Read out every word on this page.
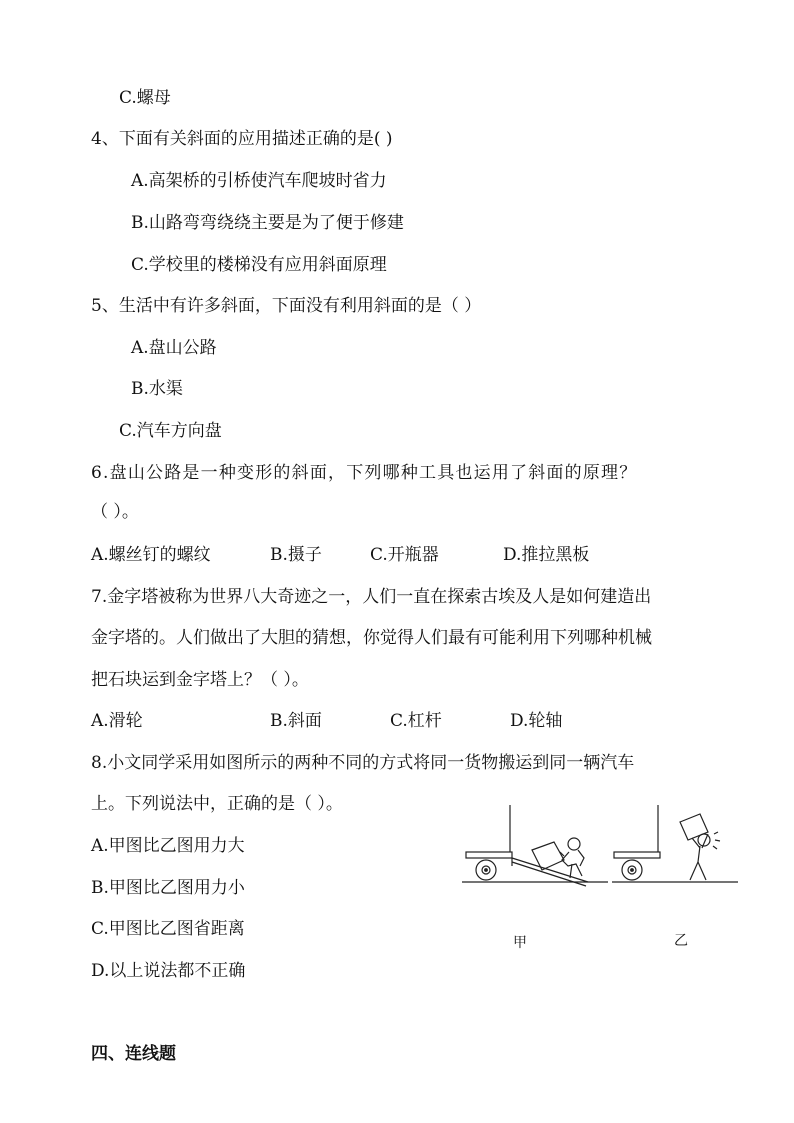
C.螺母
4、下面有关斜面的应用描述正确的是( )
A.高架桥的引桥使汽车爬坡时省力
B.山路弯弯绕绕主要是为了便于修建
C.学校里的楼梯没有应用斜面原理
5、生活中有许多斜面，下面没有利用斜面的是（ ）
A.盘山公路
B.水渠
C.汽车方向盘
6.盘山公路是一种变形的斜面，下列哪种工具也运用了斜面的原理？
（ ）。
A.螺丝钉的螺纹	B.摄子	C.开瓶器	D.推拉黑板
7.金字塔被称为世界八大奇迹之一，人们一直在探索古埃及人是如何建造出
金字塔的。人们做出了大胆的猜想，你觉得人们最有可能利用下列哪种机械
把石块运到金字塔上？（ ）。
A.滑轮	B.斜面	C.杠杆	D.轮轴
8.小文同学采用如图所示的两种不同的方式将同一货物搬运到同一辆汽车
上。下列说法中，正确的是（ ）。
A.甲图比乙图用力大
B.甲图比乙图用力小
C.甲图比乙图省距离
D.以上说法都不正确
甲	乙
四、连线题
